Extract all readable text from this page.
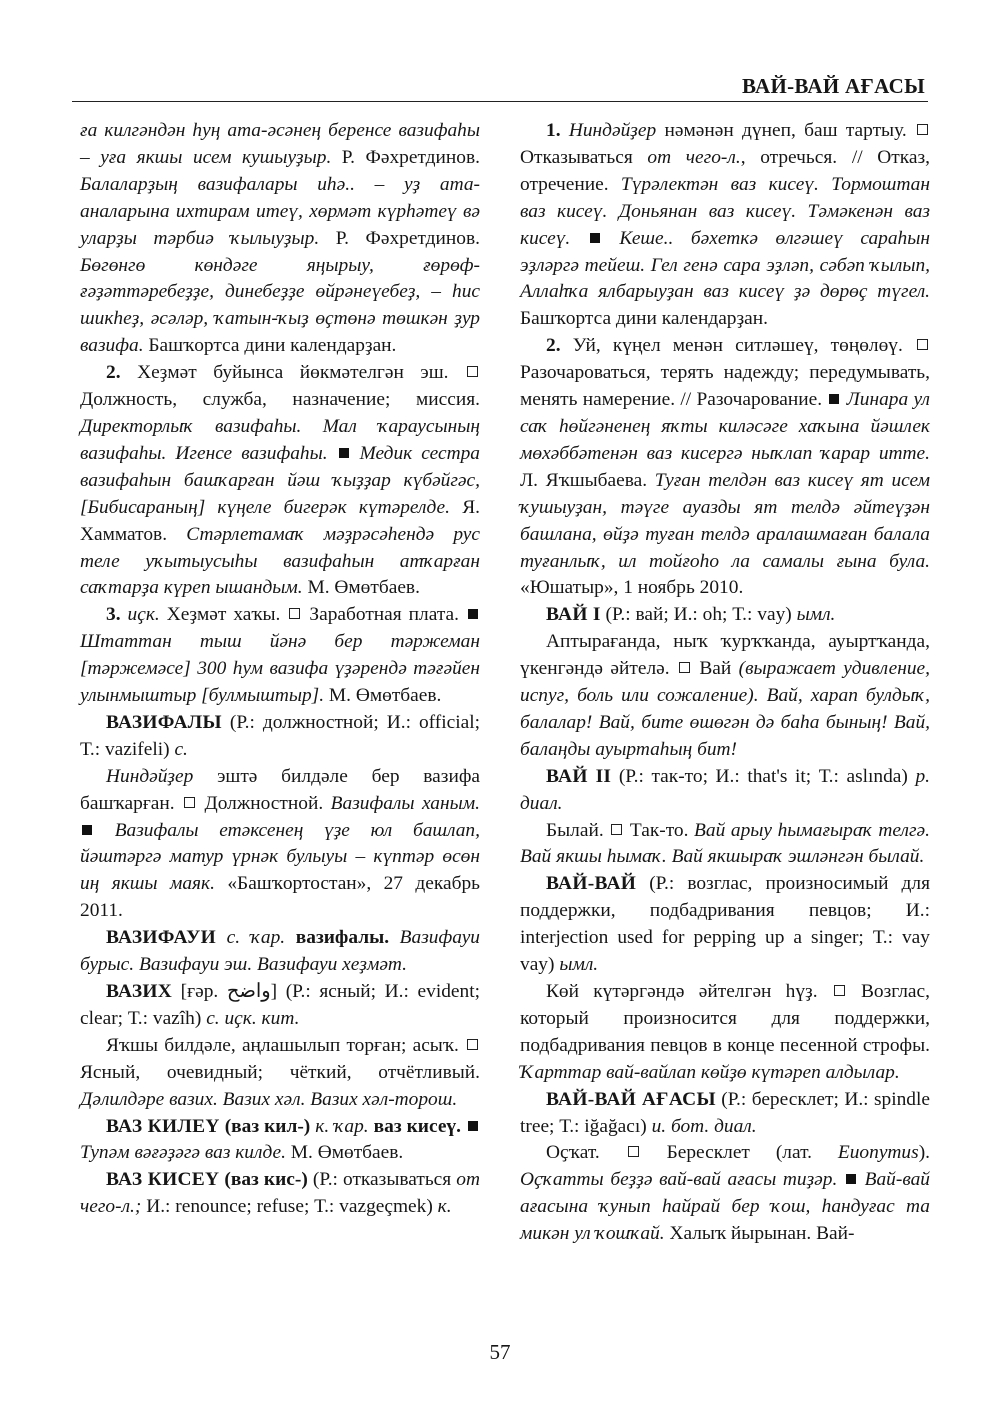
ВАЙ-ВАЙ АҒАСЫ

ға килгәндән һуң ата-әсәнең беренсе вазифаһы – уға якшы исем кушыуҙыр. Р. Фәхретдинов. Балаларҙың вазифалары иһә.. – уҙ ата-аналарына ихтирам итеү, хөрмәт күрһәтеү вә уларҙы тәрбиә ҡылыуҙыр. Р. Фәхретдинов. Бөгөнгө көндәге яңырыу, ғөрөф-ғәҙәттәребеҙҙе, динебеҙҙе өйрәнеүебеҙ, – һис шикһеҙ, әсәләр, ҡатын-ҡыҙ өҫтөнә төшкән ҙур вазифа. Башҡортса дини календарҙан.

2. Хеҙмәт буйынса йөкмәтелгән эш.  Должность, служба, назначение; миссия. Директорлыҡ вазифаһы. Мал ҡараусының вазифаһы. Игенсе вазифаһы.  Медик сестра вазифаһын башҡарған йәш ҡыҙҙар күбәйгәс, [Бибисараның] күңеле бигерәк күтәрелде. Я. Хамматов. Стәрлетамаҡ мәҙрәсәһендә рус теле уҡытыусыһы вазифаһын атҡарған саҡтарҙа күреп ышандым. М. Өмөтбаев.

3. иҫк. Хеҙмәт хаҡы.  Заработная плата.  Штаттан тыш йәнә бер тәржеман [тәржемәсе] 300 һум вазифа үҙәрендә тәғәйен улынмыштыр [булмыштыр]. М. Өмөтбаев.

ВАЗИФАЛЫ (Р.: должностной; И.: official; Т.: vazifeli) с.

Ниндәйҙер эштә билдәле бер вазифа башҡарған.  Должностной. Вазифалы ханым.  Вазифалы етәксенең үҙе юл башлап, йәштәргә матур үрнәк булыуы – күптәр өсөн иң якшы маяк. «Башҡортостан», 27 декабрь 2011.

ВАЗИФАУИ с. ҡар. вазифалы. Вазифауи бурыс. Вазифауи эш. Вазифауи хеҙмәт.

ВАЗИХ [ғәр. واضح] (Р.: ясный; И.: evident; clear; Т.: vazîh) с. иҫк. кит.

Яҡшы билдәле, аңлашылып торған; асыҡ.  Ясный, очевидный; чёткий, отчётливый. Дәлилдәре вазих. Вазих хәл. Вазих хәл-торош.

ВАЗ КИЛЕҮ (ваз кил-) к. ҡар. ваз кисеү.  Тупәм вәғәҙәгә ваз килде. М. Өмөтбаев.

ВАЗ КИСЕҮ (ваз кис-) (Р.: отказываться от чего-л.; И.: renounce; refuse; Т.: vazgeçmek) к.

1. Ниндәйҙер нәмәнән дүнеп, баш тартыу.  Отказываться от чего-л., отречься. // Отказ, отречение. Түрәлектән ваз кисеү. Тормоштан ваз кисеү. Доньянан ваз кисеү. Тәмәкенән ваз кисеү.  Кеше.. бәхеткә өлгәшеү сараһын эҙләргә тейеш. Гел генә сара эҙләп, сәбәп ҡылып, Аллаһҡа ялбарыуҙан ваз кисеү ҙә дөрөҫ түгел. Башҡортса дини календарҙан.

2. Уй, күңел менән ситләшеү, төңөлөү.  Разочароваться, терять надежду; передумывать, менять намерение. // Разочарование.  Линара ул саҡ һөйгәненең яҡты киләсәге хаҡына йәшлек мөхәббәтенән ваз кисергә ныҡлап ҡарар итте. Л. Яҡшыбаева. Туған телдән ваз кисеү ят исем ҡушыуҙан, тәүге ауазды ят телдә әйтеүҙән башлана, өйҙә туған телдә аралашмаған балала туғанлыҡ, ил тойғоһо ла самалы ғына була. «Юшатыр», 1 ноябрь 2010.

ВАЙ I (Р.: вай; И.: oh; Т.: vay) ымл.

Аптырағанда, ныҡ ҡурҡҡанда, ауыртҡанда, үкенгәндә әйтелә.  Вай (выражает удивление, испуг, боль или сожаление). Вай, харап булдыҡ, балалар! Вай, бите өшөгән дә баһа быныӊ! Вай, балаӊды ауыртаһыӊ бит!

ВАЙ II (Р.: так-то; И.: that's it; Т.: aslında) р. диал.

Былай.  Так-то. Вай арыу һымағыраҡ телгә. Вай якшы һымаҡ. Вай якшыраҡ эшләнгән былай.

ВАЙ-ВАЙ (Р.: возглас, произносимый для поддержки, подбадривания певцов; И.: interjection used for pepping up a singer; Т.: vay vay) ымл.

Көй күтәргәндә әйтелгән һүҙ.  Возглас, который произносится для поддержки, подбадривания певцов в конце песенной строфы. Ҡарттар вай-вайлап көйҙө күтәреп алдылар.

ВАЙ-ВАЙ АҒАСЫ (Р.: бересклет; И.: spindle tree; Т.: iğağacı) и. бот. диал.

Оҫҡат.  Бересклет (лат. Euonymus). Оҫҡатты беҙҙә вай-вай ағасы тиҙәр.  Вай-вай ағасына ҡунып һайрай бер ҡош, һандуғас та микән ул ҡошҡай. Халыҡ йырынан. Вай-

57
